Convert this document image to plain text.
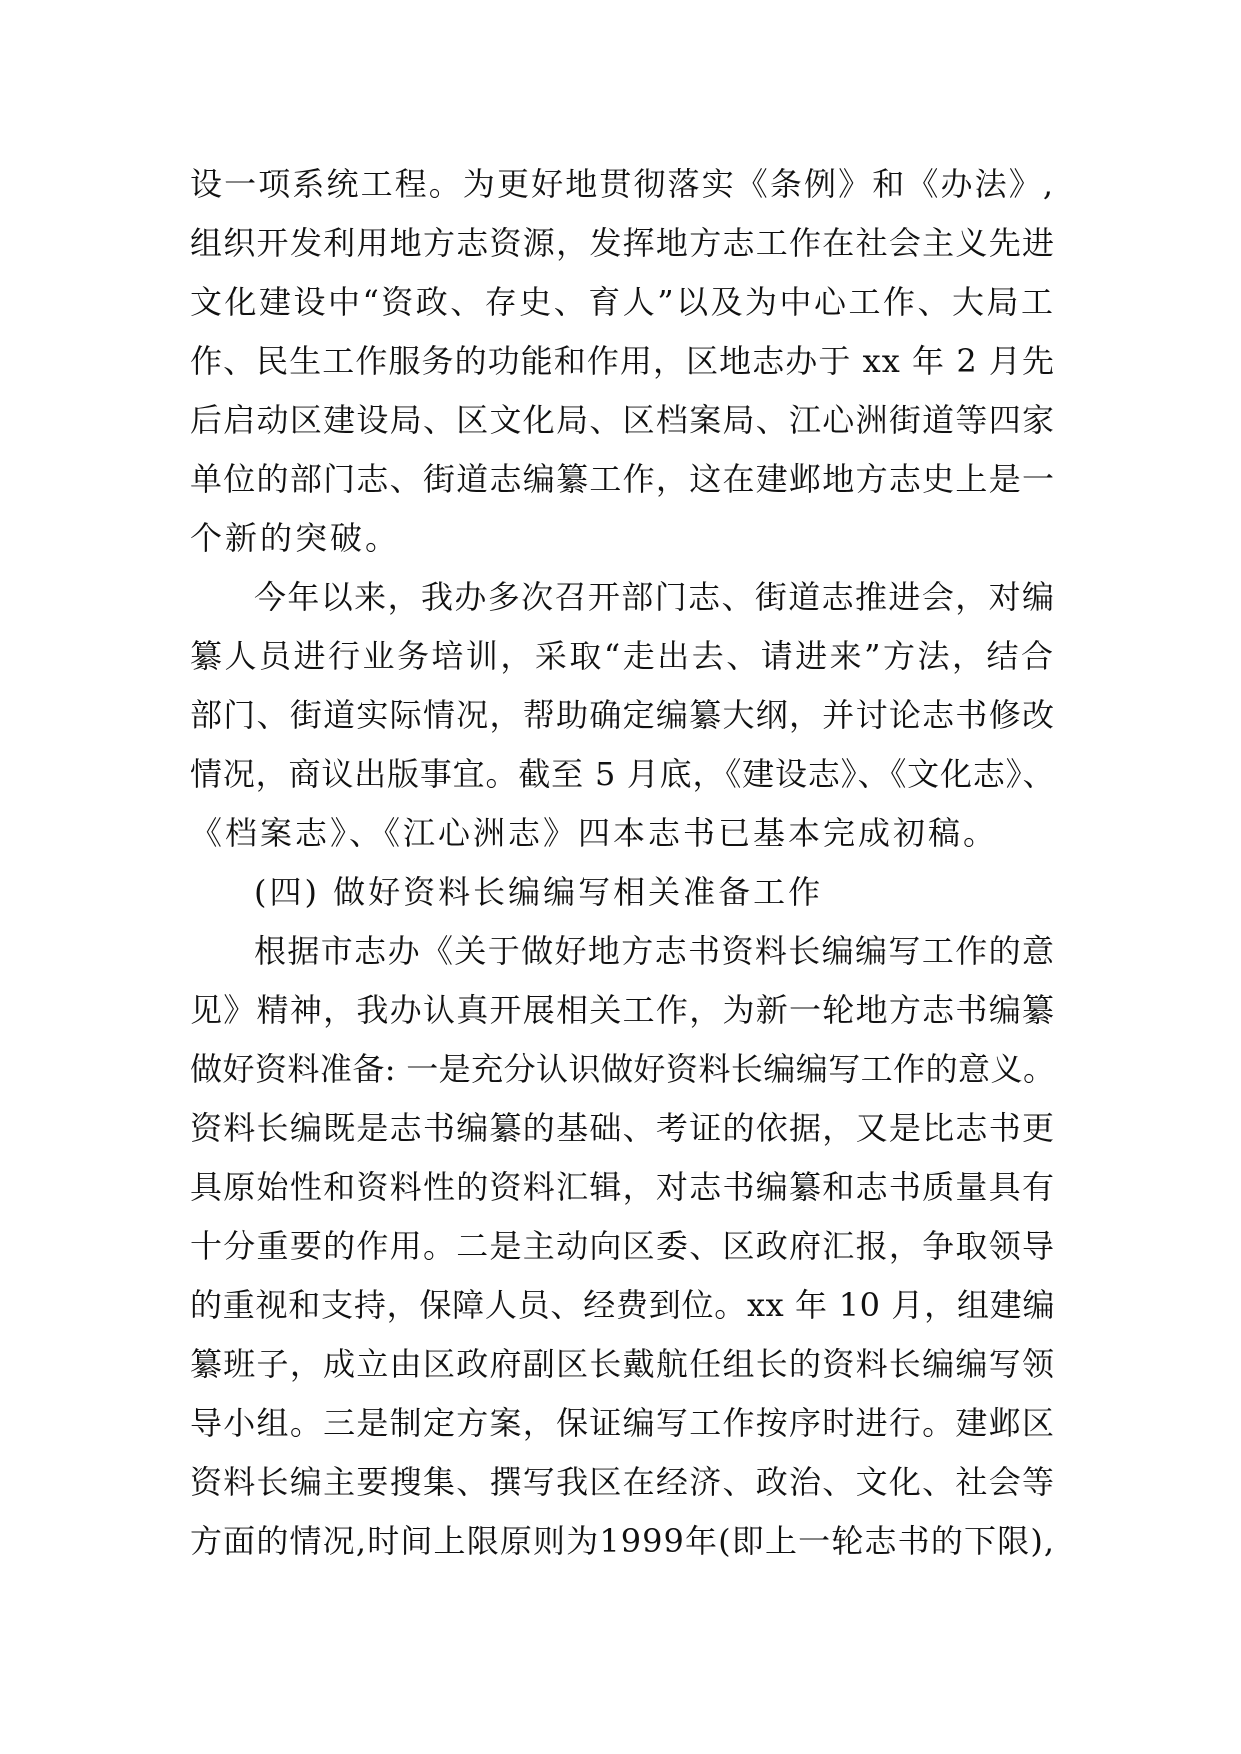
设一项系统工程。为更好地贯彻落实《条例》和《办法》,
组织开发利用地方志资源，发挥地方志工作在社会主义先进
文化建设中“资政、存史、育人”以及为中心工作、大局工
作、民生工作服务的功能和作用，区地志办于 xx 年 2 月先
后启动区建设局、区文化局、区档案局、江心洲街道等四家
单位的部门志、街道志编纂工作，这在建邺地方志史上是一
个新的突破。
今年以来，我办多次召开部门志、街道志推进会，对编
纂人员进行业务培训，采取“走出去、请进来”方法，结合
部门、街道实际情况，帮助确定编纂大纲，并讨论志书修改
情况，商议出版事宜。截至 5 月底，《建设志》、《文化志》、
《档案志》、《江心洲志》四本志书已基本完成初稿。
(四) 做好资料长编编写相关准备工作
根据市志办《关于做好地方志书资料长编编写工作的意
见》精神，我办认真开展相关工作，为新一轮地方志书编纂
做好资料准备: 一是充分认识做好资料长编编写工作的意义。
资料长编既是志书编纂的基础、考证的依据，又是比志书更
具原始性和资料性的资料汇辑，对志书编纂和志书质量具有
十分重要的作用。二是主动向区委、区政府汇报，争取领导
的重视和支持，保障人员、经费到位。xx 年 10 月，组建编
纂班子，成立由区政府副区长戴航任组长的资料长编编写领
导小组。三是制定方案，保证编写工作按序时进行。建邺区
资料长编主要搜集、撰写我区在经济、政治、文化、社会等
方面的情况,时间上限原则为1999年(即上一轮志书的下限),
